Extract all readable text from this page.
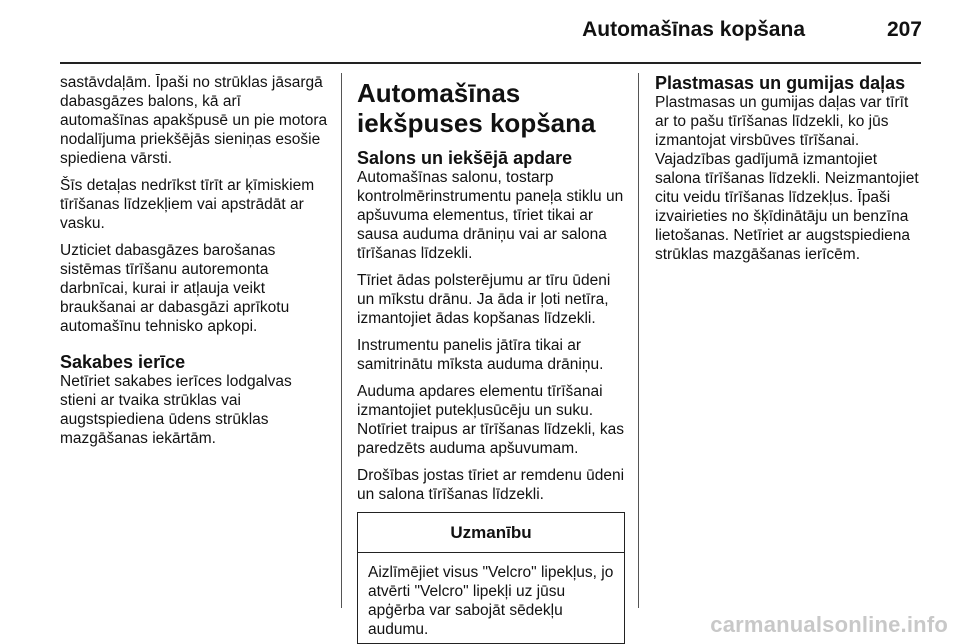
Automašīnas kopšana	207

sastāvdaļām. Īpaši no strūklas jāsargā dabasgāzes balons, kā arī automašīnas apakšpusē un pie motora nodalījuma priekšējās sieniņas esošie spiediena vārsti.

Šīs detaļas nedrīkst tīrīt ar ķīmiskiem tīrīšanas līdzekļiem vai apstrādāt ar vasku.

Uzticiet dabasgāzes barošanas sistēmas tīrīšanu autoremonta darbnīcai, kurai ir atļauja veikt braukšanai ar dabasgāzi aprīkotu automašīnu tehnisko apkopi.

Sakabes ierīce

Netīriet sakabes ierīces lodgalvas stieni ar tvaika strūklas vai augstspiediena ūdens strūklas mazgāšanas iekārtām.

Automašīnas iekšpuses kopšana
Salons un iekšējā apdare

Automašīnas salonu, tostarp kontrolmērinstrumentu paneļa stiklu un apšuvuma elementus, tīriet tikai ar sausa auduma drāniņu vai ar salona tīrīšanas līdzekli.

Tīriet ādas polsterējumu ar tīru ūdeni un mīkstu drānu. Ja āda ir ļoti netīra, izmantojiet ādas kopšanas līdzekli.

Instrumentu panelis jātīra tikai ar samitrinātu mīksta auduma drāniņu.

Auduma apdares elementu tīrīšanai izmantojiet putekļusūcēju un suku. Notīriet traipus ar tīrīšanas līdzekli, kas paredzēts auduma apšuvumam.

Drošības jostas tīriet ar remdenu ūdeni un salona tīrīšanas līdzekli.

Uzmanību
Aizlīmējiet visus "Velcro" lipekļus, jo atvērti "Velcro" lipekļi uz jūsu apģērba var sabojāt sēdekļu audumu.
Plastmasas un gumijas daļas

Plastmasas un gumijas daļas var tīrīt ar to pašu tīrīšanas līdzekli, ko jūs izmantojat virsbūves tīrīšanai. Vajadzības gadījumā izmantojiet salona tīrīšanas līdzekli. Neizmantojiet citu veidu tīrīšanas līdzekļus. Īpaši izvairieties no šķīdinātāju un benzīna lietošanas. Netīriet ar augstspiediena strūklas mazgāšanas ierīcēm.

carmanualsonline.info
